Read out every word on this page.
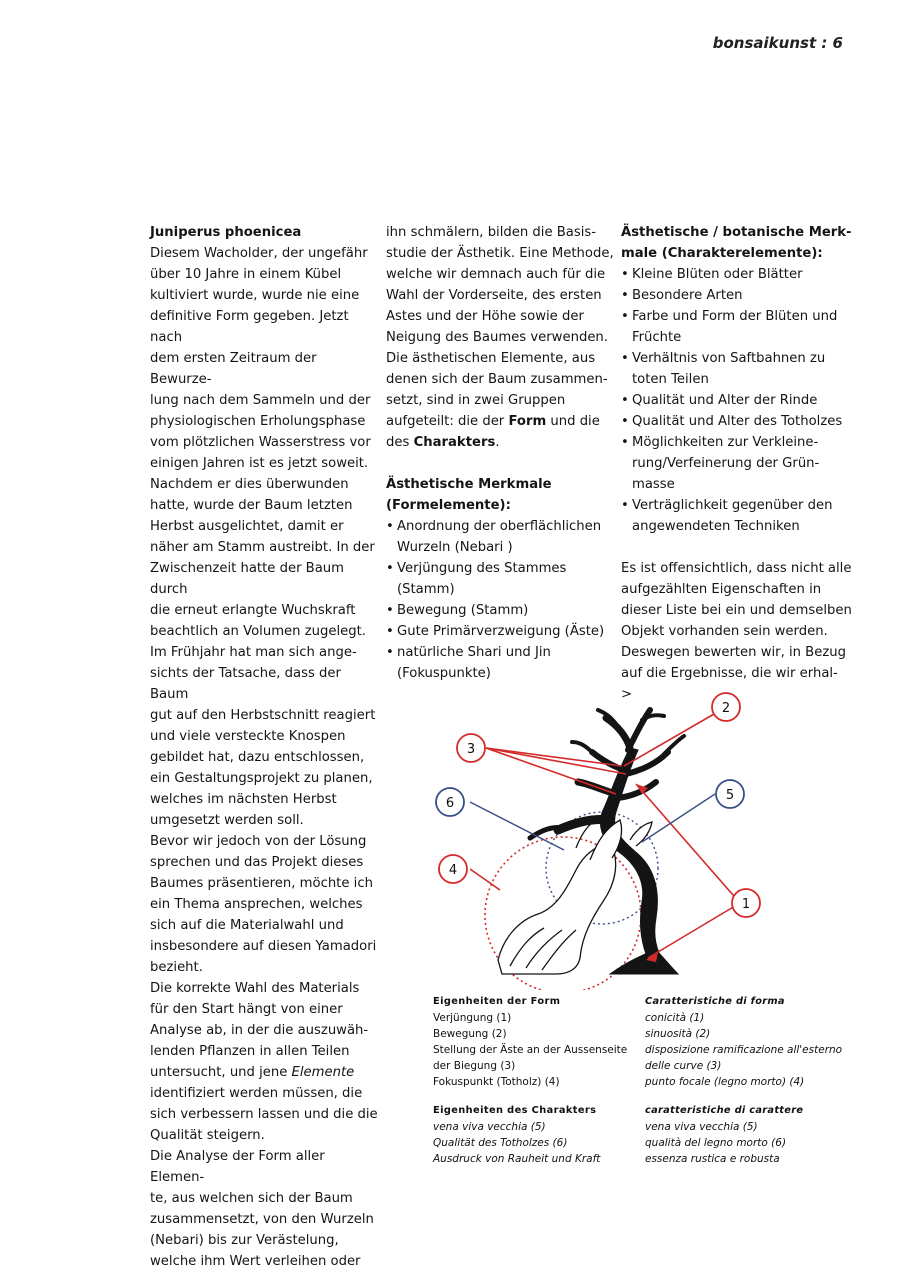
bonsaikunst : 6

Juniperus phoenicea

Diesem Wacholder, der ungefähr

über 10 Jahre in einem Kübel

kultiviert wurde, wurde nie eine

definitive Form gegeben. Jetzt nach

dem ersten Zeitraum der Bewurze-

lung nach dem Sammeln und der

physiologischen Erholungsphase

vom plötzlichen Wasserstress vor

einigen Jahren ist es jetzt soweit.

Nachdem er dies überwunden

hatte, wurde der Baum letzten

Herbst ausgelichtet, damit er

näher am Stamm austreibt. In der

Zwischenzeit hatte der Baum durch

die erneut erlangte Wuchskraft

beachtlich an Volumen zugelegt.

Im Frühjahr hat man sich ange-

sichts der Tatsache, dass der Baum

gut auf den Herbstschnitt reagiert

und viele versteckte Knospen

gebildet hat, dazu entschlossen,

ein Gestaltungsprojekt zu planen,

welches im nächsten Herbst

umgesetzt werden soll.

Bevor wir jedoch von der Lösung

sprechen und das Projekt dieses

Baumes präsentieren, möchte ich

ein Thema ansprechen, welches

sich auf die Materialwahl und

insbesondere auf diesen Yamadori

bezieht.

Die korrekte Wahl des Materials

für den Start hängt von einer

Analyse ab, in der die auszuwäh-

lenden Pflanzen in allen Teilen

untersucht, und jene Elemente

identifiziert werden müssen, die

sich verbessern lassen und die die

Qualität steigern.

Die Analyse der Form aller Elemen-

te, aus welchen sich der Baum

zusammensetzt, von den Wurzeln

(Nebari) bis zur Verästelung,

welche ihm Wert verleihen oder

ihn schmälern, bilden die Basis-

studie der Ästhetik. Eine Methode,

welche wir demnach auch für die

Wahl der Vorderseite, des ersten

Astes und der Höhe sowie der

Neigung des Baumes verwenden.

Die ästhetischen Elemente, aus

denen sich der Baum zusammen-

setzt, sind in zwei Gruppen

aufgeteilt: die der Form und die

des Charakters.

Ästhetische Merkmale

(Formelemente):

• Anordnung der oberflächlichen
Wurzeln (Nebari )
• Verjüngung des Stammes
(Stamm)
• Bewegung (Stamm)
• Gute Primärverzweigung (Äste)
• natürliche Shari und Jin
(Fokuspunkte)

Ästhetische / botanische Merk-

male (Charakterelemente):

• Kleine Blüten oder Blätter
• Besondere Arten
• Farbe und Form der Blüten und
Früchte
• Verhältnis von Saftbahnen zu
toten Teilen
• Qualität und Alter der Rinde
• Qualität und Alter des Totholzes
• Möglichkeiten zur Verkleine-
rung/Verfeinerung der Grün-
masse
• Verträglichkeit gegenüber den
angewendeten Techniken

Es ist offensichtlich, dass nicht alle

aufgezählten Eigenschaften in

dieser Liste bei ein und demselben

Objekt vorhanden sein werden.

Deswegen bewerten wir, in Bezug

auf die Ergebnisse, die wir erhal- >

2
3
6
5
4
1

Eigenheiten der Form

Verjüngung (1)

Bewegung (2)

Stellung der Äste an der Aussenseite

der Biegung (3)

Fokuspunkt (Totholz) (4)

Caratteristiche di forma

conicità (1)

sinuosità (2)

disposizione ramificazione all'esterno

delle curve (3)

punto focale (legno morto) (4)

Eigenheiten des Charakters

vena viva vecchia (5)

Qualität des Totholzes (6)

Ausdruck von Rauheit und Kraft

caratteristiche di carattere

vena viva vecchia (5)

qualità del legno morto (6)

essenza rustica e robusta
